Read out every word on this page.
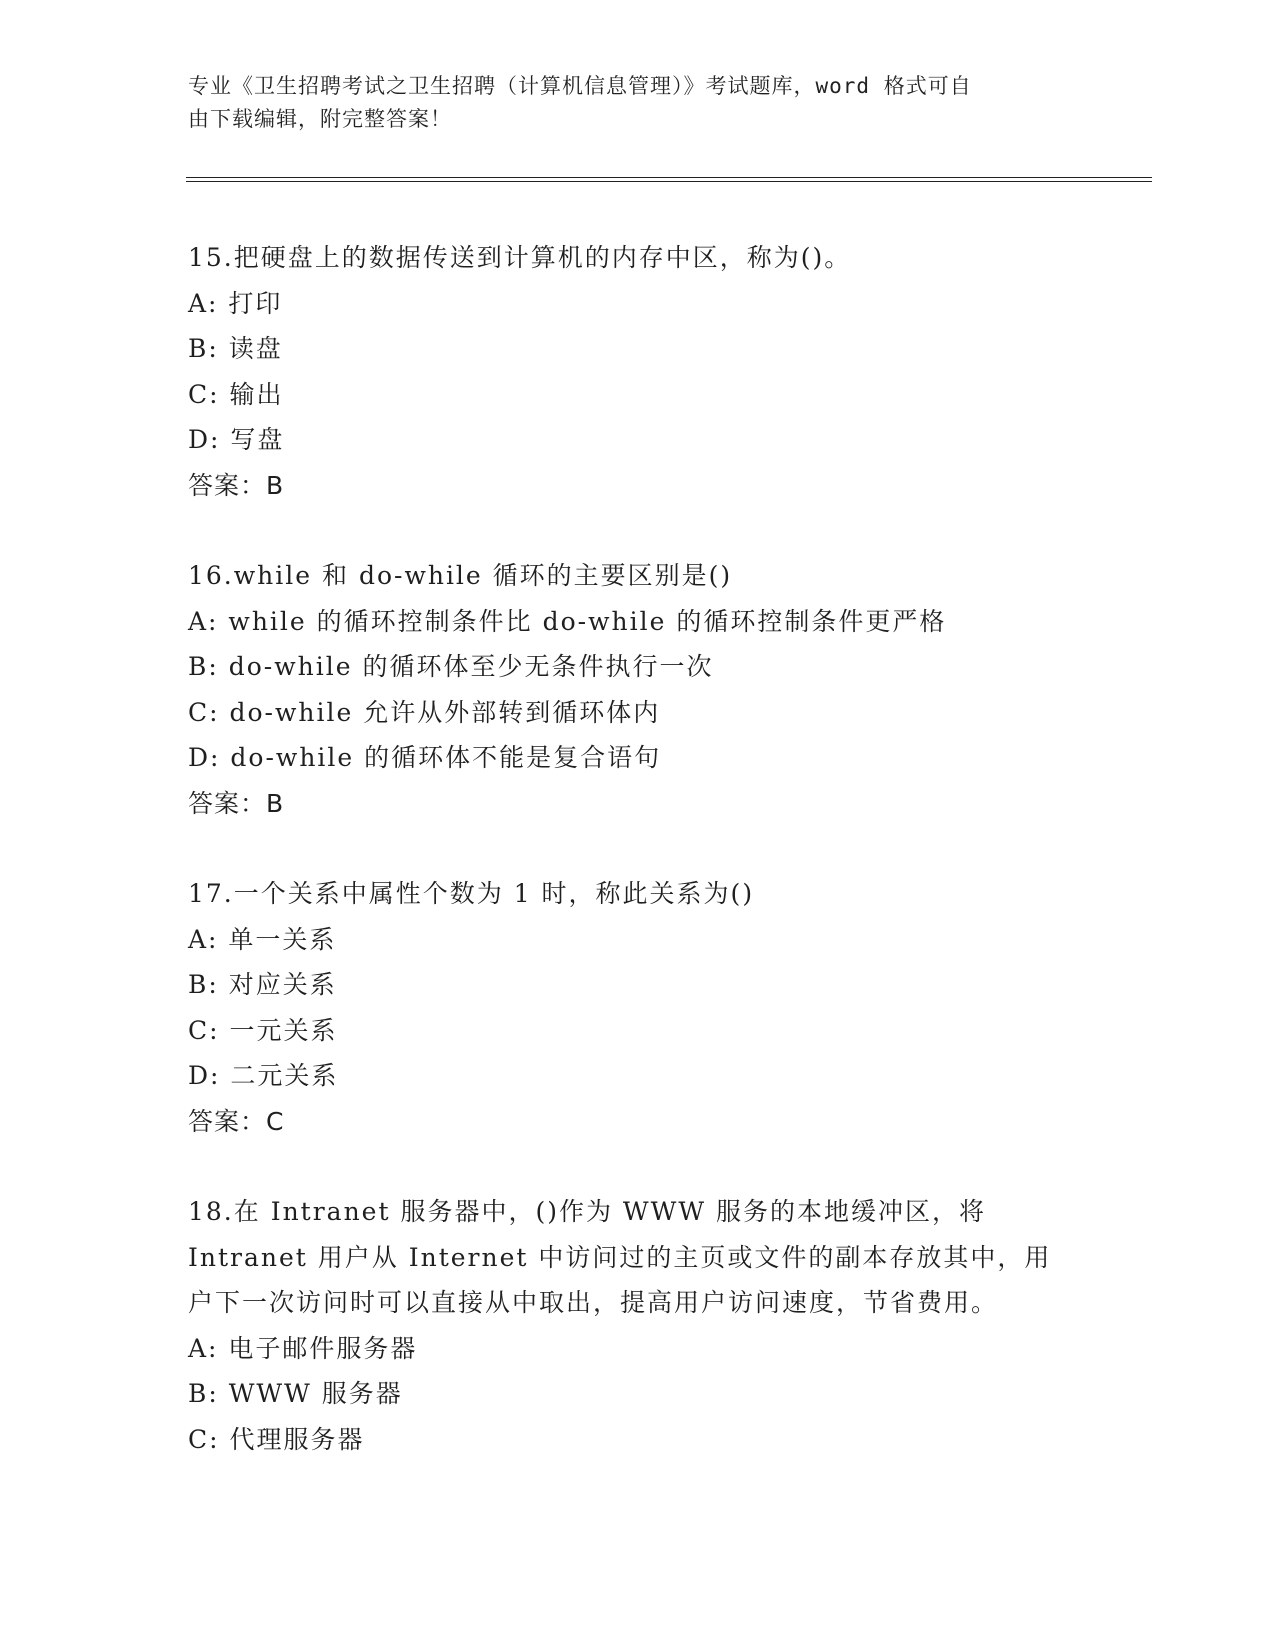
专业《卫生招聘考试之卫生招聘（计算机信息管理）》考试题库，word 格式可自
由下载编辑，附完整答案！
15.把硬盘上的数据传送到计算机的内存中区，称为()。
A: 打印
B: 读盘
C: 输出
D: 写盘
答案：B
16.while 和 do-while 循环的主要区别是()
A: while 的循环控制条件比 do-while 的循环控制条件更严格
B: do-while 的循环体至少无条件执行一次
C: do-while 允许从外部转到循环体内
D: do-while 的循环体不能是复合语句
答案：B
17.一个关系中属性个数为 1 时，称此关系为()
A: 单一关系
B: 对应关系
C: 一元关系
D: 二元关系
答案：C
18.在 Intranet 服务器中，()作为 WWW 服务的本地缓冲区，将
Intranet 用户从 Internet 中访问过的主页或文件的副本存放其中，用
户下一次访问时可以直接从中取出，提高用户访问速度，节省费用。
A: 电子邮件服务器
B: WWW 服务器
C: 代理服务器
